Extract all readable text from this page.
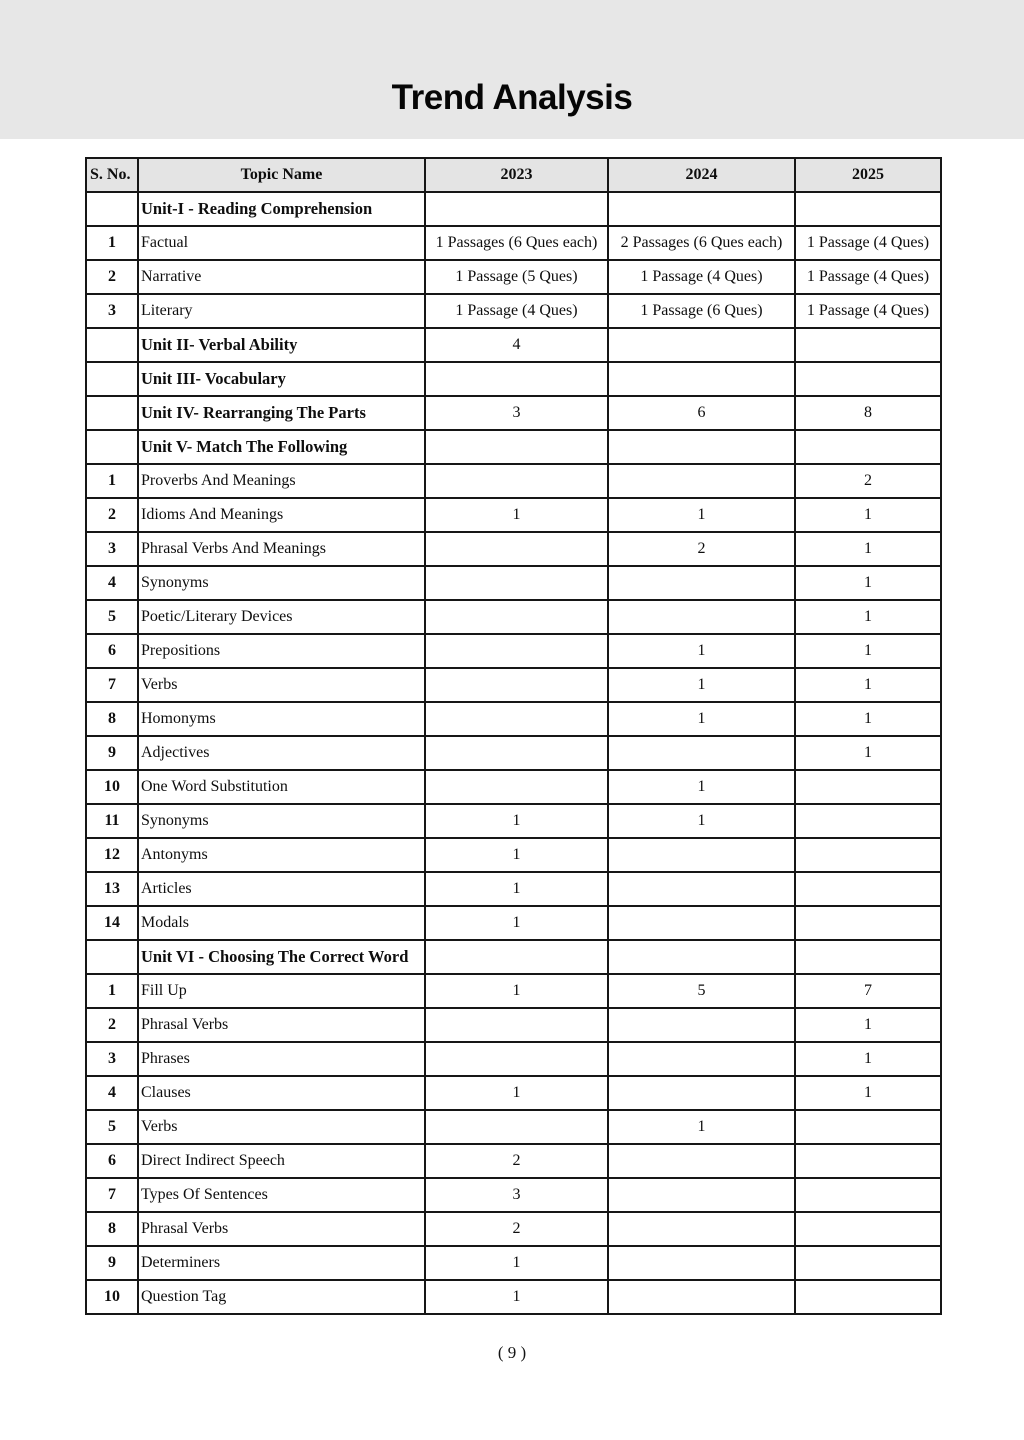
Trend Analysis
S. No.	Topic Name	2023	2024	2025
	Unit-I - Reading Comprehension			
1	Factual	1 Passages (6 Ques each)	2 Passages (6 Ques each)	1 Passage (4 Ques)
2	Narrative	1 Passage (5 Ques)	1 Passage (4 Ques)	1 Passage (4 Ques)
3	Literary	1 Passage (4 Ques)	1 Passage (6 Ques)	1 Passage (4 Ques)
	Unit II- Verbal Ability	4		
	Unit III- Vocabulary			
	Unit IV- Rearranging The Parts	3	6	8
	Unit V- Match The Following			
1	Proverbs And Meanings			2
2	Idioms And Meanings	1	1	1
3	Phrasal Verbs And Meanings		2	1
4	Synonyms			1
5	Poetic/Literary Devices			1
6	Prepositions		1	1
7	Verbs		1	1
8	Homonyms		1	1
9	Adjectives			1
10	One Word Substitution		1	
11	Synonyms	1	1	
12	Antonyms	1		
13	Articles	1		
14	Modals	1		
	Unit VI - Choosing The Correct Word			
1	Fill Up	1	5	7
2	Phrasal Verbs			1
3	Phrases			1
4	Clauses	1		1
5	Verbs		1	
6	Direct Indirect Speech	2		
7	Types Of Sentences	3		
8	Phrasal Verbs	2		
9	Determiners	1		
10	Question Tag	1		
( 9 )
